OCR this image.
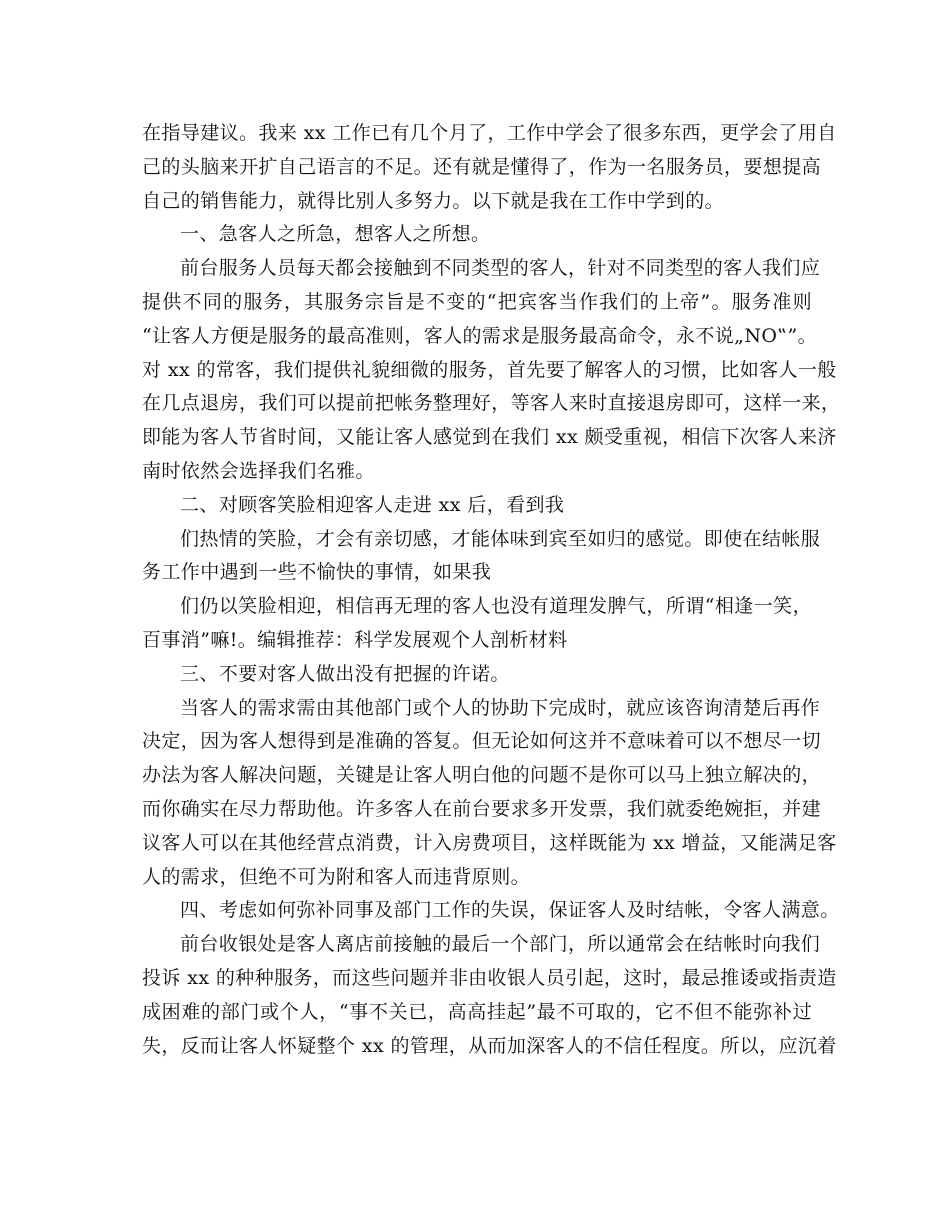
在指导建议。我来 xx 工作已有几个月了，工作中学会了很多东西，更学会了用自
己的头脑来开扩自己语言的不足。还有就是懂得了，作为一名服务员，要想提高
自己的销售能力，就得比别人多努力。以下就是我在工作中学到的。
一、急客人之所急，想客人之所想。
前台服务人员每天都会接触到不同类型的客人，针对不同类型的客人我们应
提供不同的服务，其服务宗旨是不变的“把宾客当作我们的上帝”。服务准则
“让客人方便是服务的最高准则，客人的需求是服务最高命令，永不说„NO‟”。
对 xx 的常客，我们提供礼貌细微的服务，首先要了解客人的习惯，比如客人一般
在几点退房，我们可以提前把帐务整理好，等客人来时直接退房即可，这样一来，
即能为客人节省时间，又能让客人感觉到在我们 xx 颇受重视，相信下次客人来济
南时依然会选择我们名雅。
二、对顾客笑脸相迎客人走进 xx 后，看到我
们热情的笑脸，才会有亲切感，才能体味到宾至如归的感觉。即使在结帐服
务工作中遇到一些不愉快的事情，如果我
们仍以笑脸相迎，相信再无理的客人也没有道理发脾气，所谓“相逢一笑，
百事消”嘛!。编辑推荐：科学发展观个人剖析材料
三、不要对客人做出没有把握的许诺。
当客人的需求需由其他部门或个人的协助下完成时，就应该咨询清楚后再作
决定，因为客人想得到是准确的答复。但无论如何这并不意味着可以不想尽一切
办法为客人解决问题，关键是让客人明白他的问题不是你可以马上独立解决的，
而你确实在尽力帮助他。许多客人在前台要求多开发票，我们就委绝婉拒，并建
议客人可以在其他经营点消费，计入房费项目，这样既能为 xx 增益，又能满足客
人的需求，但绝不可为附和客人而违背原则。
四、考虑如何弥补同事及部门工作的失误，保证客人及时结帐，令客人满意。
前台收银处是客人离店前接触的最后一个部门，所以通常会在结帐时向我们
投诉 xx 的种种服务，而这些问题并非由收银人员引起，这时，最忌推诿或指责造
成困难的部门或个人，“事不关已，高高挂起”最不可取的，它不但不能弥补过
失，反而让客人怀疑整个 xx 的管理，从而加深客人的不信任程度。所以，应沉着
